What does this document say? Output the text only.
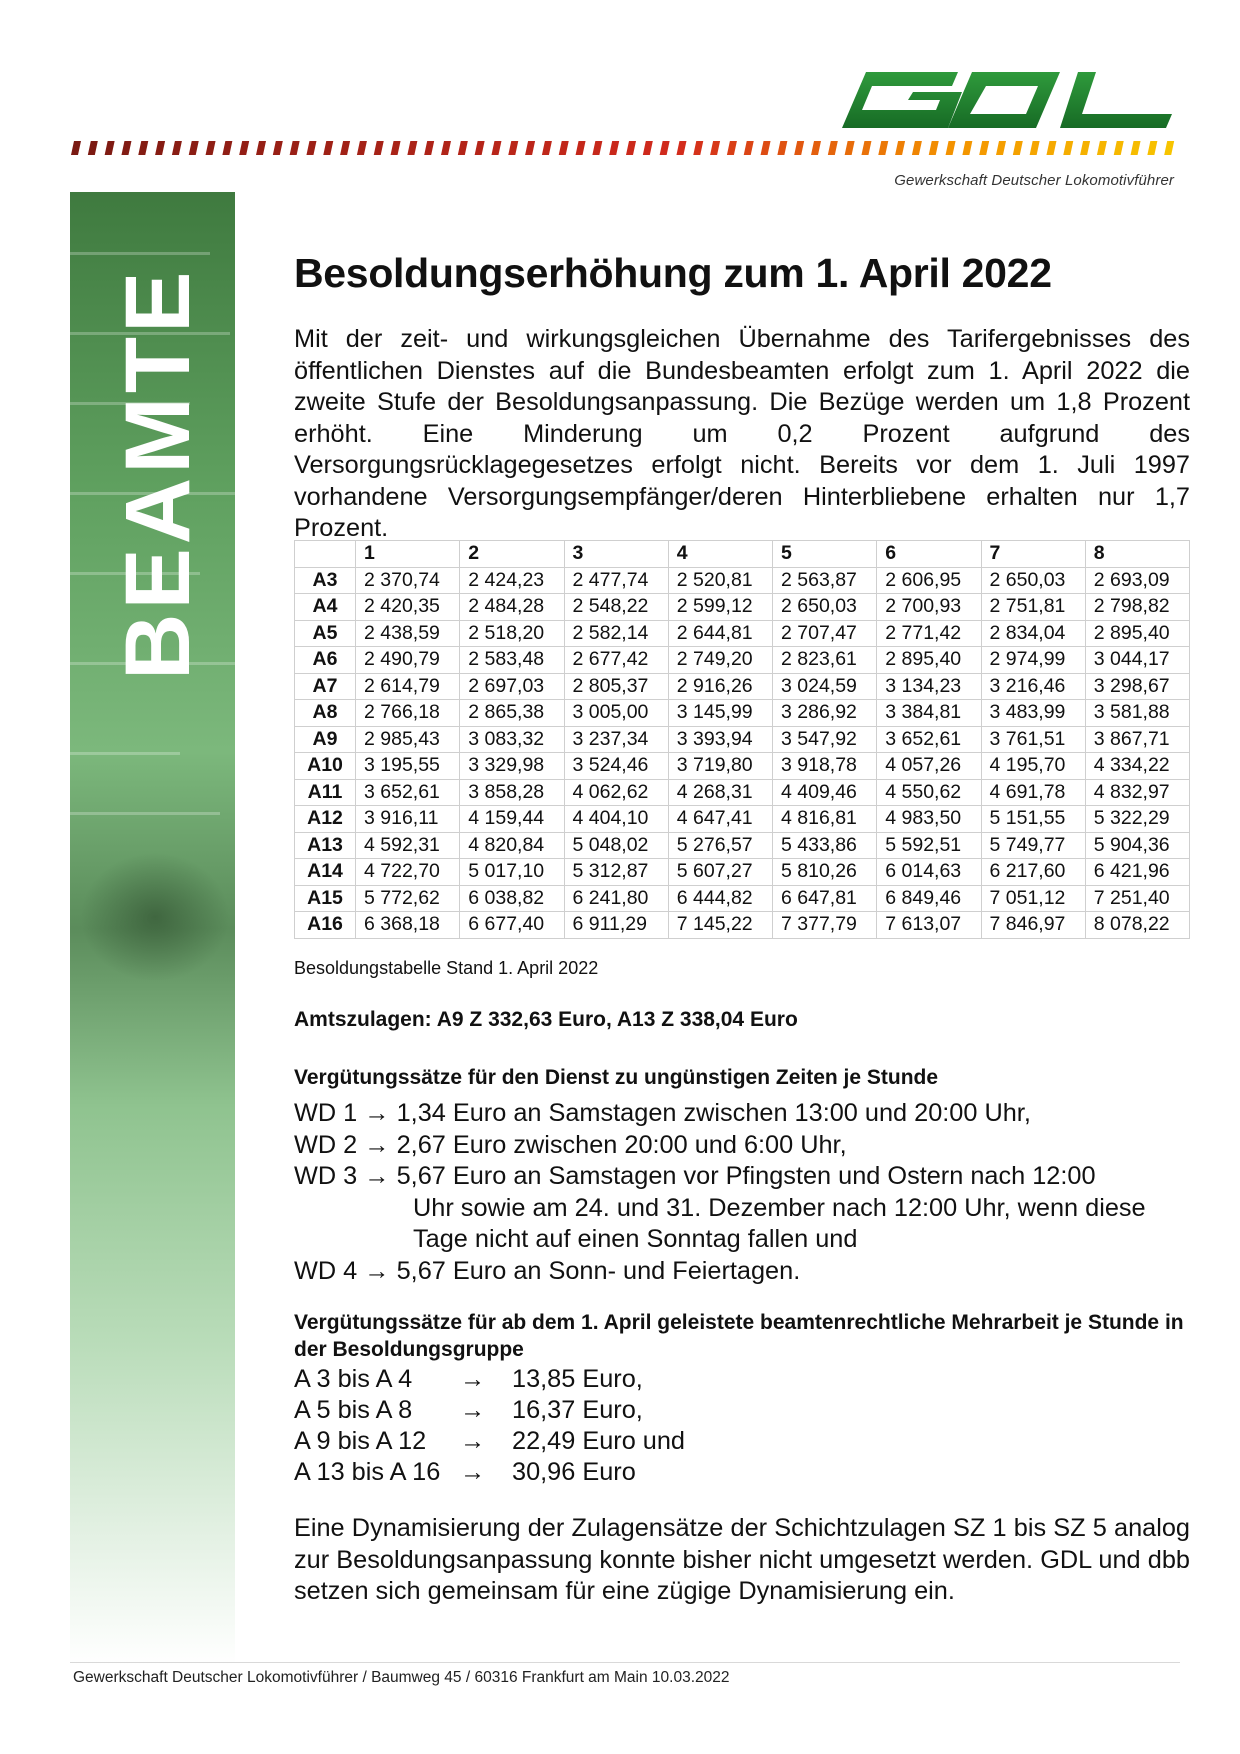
Gewerkschaft Deutscher Lokomotivführer
BEAMTE Besoldungserhöhung zum 1. April 2022

Mit der zeit- und wirkungsgleichen Übernahme des Tarifergebnisses des öffentlichen Dienstes auf die Bundesbeamten erfolgt zum 1. April 2022 die zweite Stufe der Besoldungsanpassung. Die Bezüge werden um 1,8 Prozent erhöht. Eine Minderung um 0,2 Prozent aufgrund des Versorgungsrücklagegesetzes erfolgt nicht. Bereits vor dem 1. Juli 1997 vorhandene Versorgungsempfänger/deren Hinterbliebene erhalten nur 1,7 Prozent.

	1	2	3	4	5	6	7	8
A3	2 370,74	2 424,23	2 477,74	2 520,81	2 563,87	2 606,95	2 650,03	2 693,09
A4	2 420,35	2 484,28	2 548,22	2 599,12	2 650,03	2 700,93	2 751,81	2 798,82
A5	2 438,59	2 518,20	2 582,14	2 644,81	2 707,47	2 771,42	2 834,04	2 895,40
A6	2 490,79	2 583,48	2 677,42	2 749,20	2 823,61	2 895,40	2 974,99	3 044,17
A7	2 614,79	2 697,03	2 805,37	2 916,26	3 024,59	3 134,23	3 216,46	3 298,67
A8	2 766,18	2 865,38	3 005,00	3 145,99	3 286,92	3 384,81	3 483,99	3 581,88
A9	2 985,43	3 083,32	3 237,34	3 393,94	3 547,92	3 652,61	3 761,51	3 867,71
A10	3 195,55	3 329,98	3 524,46	3 719,80	3 918,78	4 057,26	4 195,70	4 334,22
A11	3 652,61	3 858,28	4 062,62	4 268,31	4 409,46	4 550,62	4 691,78	4 832,97
A12	3 916,11	4 159,44	4 404,10	4 647,41	4 816,81	4 983,50	5 151,55	5 322,29
A13	4 592,31	4 820,84	5 048,02	5 276,57	5 433,86	5 592,51	5 749,77	5 904,36
A14	4 722,70	5 017,10	5 312,87	5 607,27	5 810,26	6 014,63	6 217,60	6 421,96
A15	5 772,62	6 038,82	6 241,80	6 444,82	6 647,81	6 849,46	7 051,12	7 251,40
A16	6 368,18	6 677,40	6 911,29	7 145,22	7 377,79	7 613,07	7 846,97	8 078,22
Besoldungstabelle Stand 1. April 2022
Amtszulagen: A9 Z 332,63 Euro, A13 Z 338,04 Euro
Vergütungssätze für den Dienst zu ungünstigen Zeiten je Stunde
WD 1 → 1,34 Euro an Samstagen zwischen 13:00 und 20:00 Uhr,
WD 2 → 2,67 Euro zwischen 20:00 und 6:00 Uhr,
WD 3 → 5,67 Euro an Samstagen vor Pfingsten und Ostern nach 12:00
Uhr sowie am 24. und 31. Dezember nach 12:00 Uhr, wenn diese Tage nicht auf einen Sonntag fallen und
WD 4 → 5,67 Euro an Sonn- und Feiertagen.
Vergütungssätze für ab dem 1. April geleistete beamtenrechtliche Mehrarbeit je Stunde in der Besoldungsgruppe
A 3 bis A 4	→	13,85 Euro,
A 5 bis A 8	→	16,37 Euro,
A 9 bis A 12	→	22,49 Euro und
A 13 bis A 16 →	30,96 Euro
Eine Dynamisierung der Zulagensätze der Schichtzulagen SZ 1 bis SZ 5 analog zur Besoldungsanpassung konnte bisher nicht umgesetzt werden. GDL und dbb setzen sich gemeinsam für eine zügige Dynamisierung ein.
Gewerkschaft Deutscher Lokomotivführer / Baumweg 45 / 60316 Frankfurt am Main 10.03.2022
